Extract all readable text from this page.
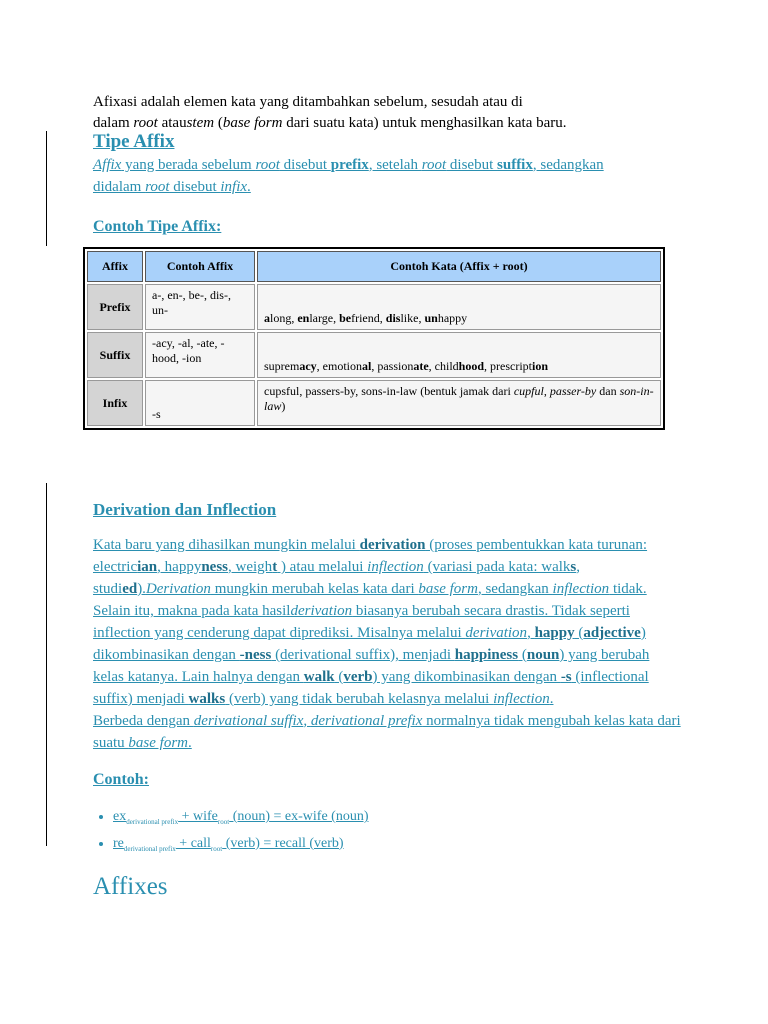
Afixasi adalah elemen kata yang ditambahkan sebelum, sesudah atau di
dalam root ataustem (base form dari suatu kata) untuk menghasilkan kata baru.
Tipe Affix
Affix yang berada sebelum root disebut prefix, setelah root disebut suffix, sedangkan didalam root disebut infix.
Contoh Tipe Affix:
Affix	Contoh Affix	Contoh Kata (Affix + root)
Prefix	a-, en-, be-, dis-, un-	along, enlarge, befriend, dislike, unhappy
Suffix	-acy, -al, -ate, -hood, -ion	supremacy, emotional, passionate, childhood, prescription
Infix	-s	cupsful, passers-by, sons-in-law (bentuk jamak dari cupful, passer-by dan son-in-law)
Derivation dan Inflection
Kata baru yang dihasilkan mungkin melalui derivation (proses pembentukkan kata turunan: electrician, happyness, weight ) atau melalui inflection (variasi pada kata: walks, studied).Derivation mungkin merubah kelas kata dari base form, sedangkan inflection tidak. Selain itu, makna pada kata hasilderivation biasanya berubah secara drastis. Tidak seperti inflection yang cenderung dapat diprediksi. Misalnya melalui derivation, happy (adjective) dikombinasikan dengan -ness (derivational suffix), menjadi happiness (noun) yang berubah kelas katanya. Lain halnya dengan walk (verb) yang dikombinasikan dengan -s (inflectional suffix) menjadi walks (verb) yang tidak berubah kelasnya melalui inflection.
Berbeda dengan derivational suffix, derivational prefix normalnya tidak mengubah kelas kata dari suatu base form.
Contoh:
• $ex_{derivational prefix}$ + wife$_{root}$ (noun) = ex-wife (noun)
• $re_{derivational prefix}$ + call$_{root}$ (verb) = recall (verb)
Affixes
